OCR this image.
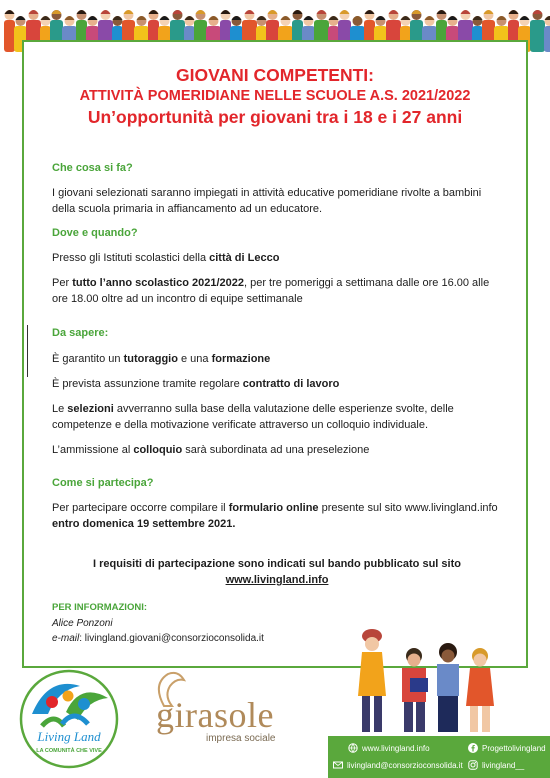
GIOVANI COMPETENTI:
ATTIVITÀ POMERIDIANE NELLE SCUOLE A.S. 2021/2022
Un’opportunità per giovani tra i 18 e i 27 anni

Che cosa si fa?

I giovani selezionati saranno impiegati in attività educative pomeridiane rivolte a bambini della scuola primaria in affiancamento ad un educatore.

Dove e quando?

Presso gli Istituti scolastici della città di Lecco

Per tutto l’anno scolastico 2021/2022, per tre pomeriggi a settimana dalle ore 16.00 alle ore 18.00 oltre ad un incontro di equipe settimanale

Da sapere:

È garantito un tutoraggio e una formazione

È prevista assunzione tramite regolare contratto di lavoro

Le selezioni avverranno sulla base della valutazione delle esperienze svolte, delle competenze e della motivazione verificate attraverso un colloquio individuale.

L’ammissione al colloquio sarà subordinata ad una preselezione

Come si partecipa?

Per partecipare occorre compilare il formulario online presente sul sito www.livingland.info entro domenica 19 settembre 2021.

I requisiti di partecipazione sono indicati sul bando pubblicato sul sito
www.livingland.info

PER INFORMAZIONI:

Alice Ponzoni

e-mail: livingland.giovani@consorzioconsolida.it

Living Land
LA COMUNITÀ CHE VIVE
girasole
impresa sociale
www.livingland.info	Progettolivingland
livingland@consorzioconsolida.it livingland__
